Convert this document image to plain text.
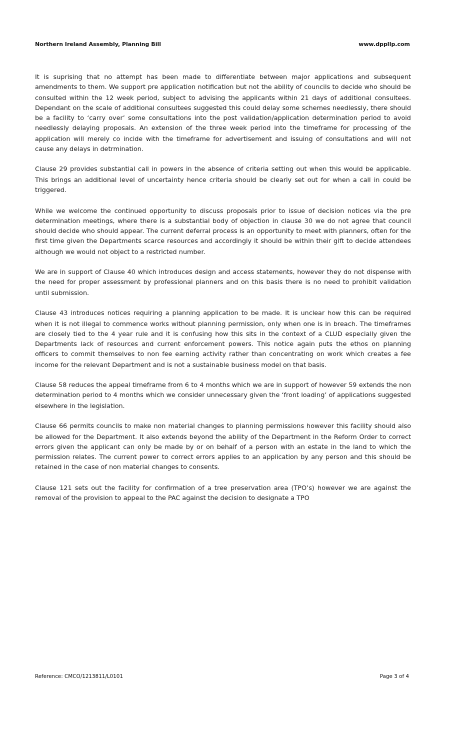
Northern Ireland Assembly, Planning Bill	www.dppllp.com

It is suprising that no attempt has been made to differentiate between major applications and subsequent amendments to them. We support pre application notification but not the ability of councils to decide who should be consulted within the 12 week period, subject to advising the applicants within 21 days of additional consultees. Dependant on the scale of additional consultees suggested this could delay some schemes needlessly, there should be a facility to ‘carry over’ some consultations into the post validation/application determination period to avoid needlessly delaying proposals. An extension of the three week period into the timeframe for processing of the application will merely co incide with the timeframe for advertisement and issuing of consultations and will not cause any delays in detrmination.

Clause 29 provides substantial call in powers in the absence of criteria setting out when this would be applicable. This brings an additional level of uncertainty hence criteria should be clearly set out for when a call in could be triggered.

While we welcome the continued opportunity to discuss proposals prior to issue of decision notices via the pre determination meetings, where there is a substantial body of objection in clause 30 we do not agree that council should decide who should appear. The current deferral process is an opportunity to meet with planners, often for the first time given the Departments scarce resources and accordingly it should be within their gift to decide attendees although we would not object to a restricted number.

We are in support of Clause 40 which introduces design and access statements, however they do not dispense with the need for proper assessment by professional planners and on this basis there is no need to prohibit validation until submission.

Clause 43 introduces notices requiring a planning application to be made. It is unclear how this can be required when it is not illegal to commence works without planning permission, only when one is in breach. The timeframes are closely tied to the 4 year rule and it is confusing how this sits in the context of a CLUD especially given the Departments lack of resources and current enforcement powers. This notice again puts the ethos on planning officers to commit themselves to non fee earning activity rather than concentrating on work which creates a fee income for the relevant Department and is not a sustainable business model on that basis.

Clause 58 reduces the appeal timeframe from 6 to 4 months which we are in support of however 59 extends the non determination period to 4 months which we consider unnecessary given the ‘front loading’ of applications suggested elsewhere in the legislation.

Clause 66 permits councils to make non material changes to planning permissions however this facility should also be allowed for the Department. It also extends beyond the ability of the Department in the Reform Order to correct errors given the applicant can only be made by or on behalf of a person with an estate in the land to which the permission relates. The current power to correct errors applies to an application by any person and this should be retained in the case of non material changes to consents.

Clause 121 sets out the facility for confirmation of a tree preservation area (TPO’s) however we are against the removal of the provision to appeal to the PAC against the decision to designate a TPO

Reference: CMCO/1213811/L0101	Page 3 of 4
